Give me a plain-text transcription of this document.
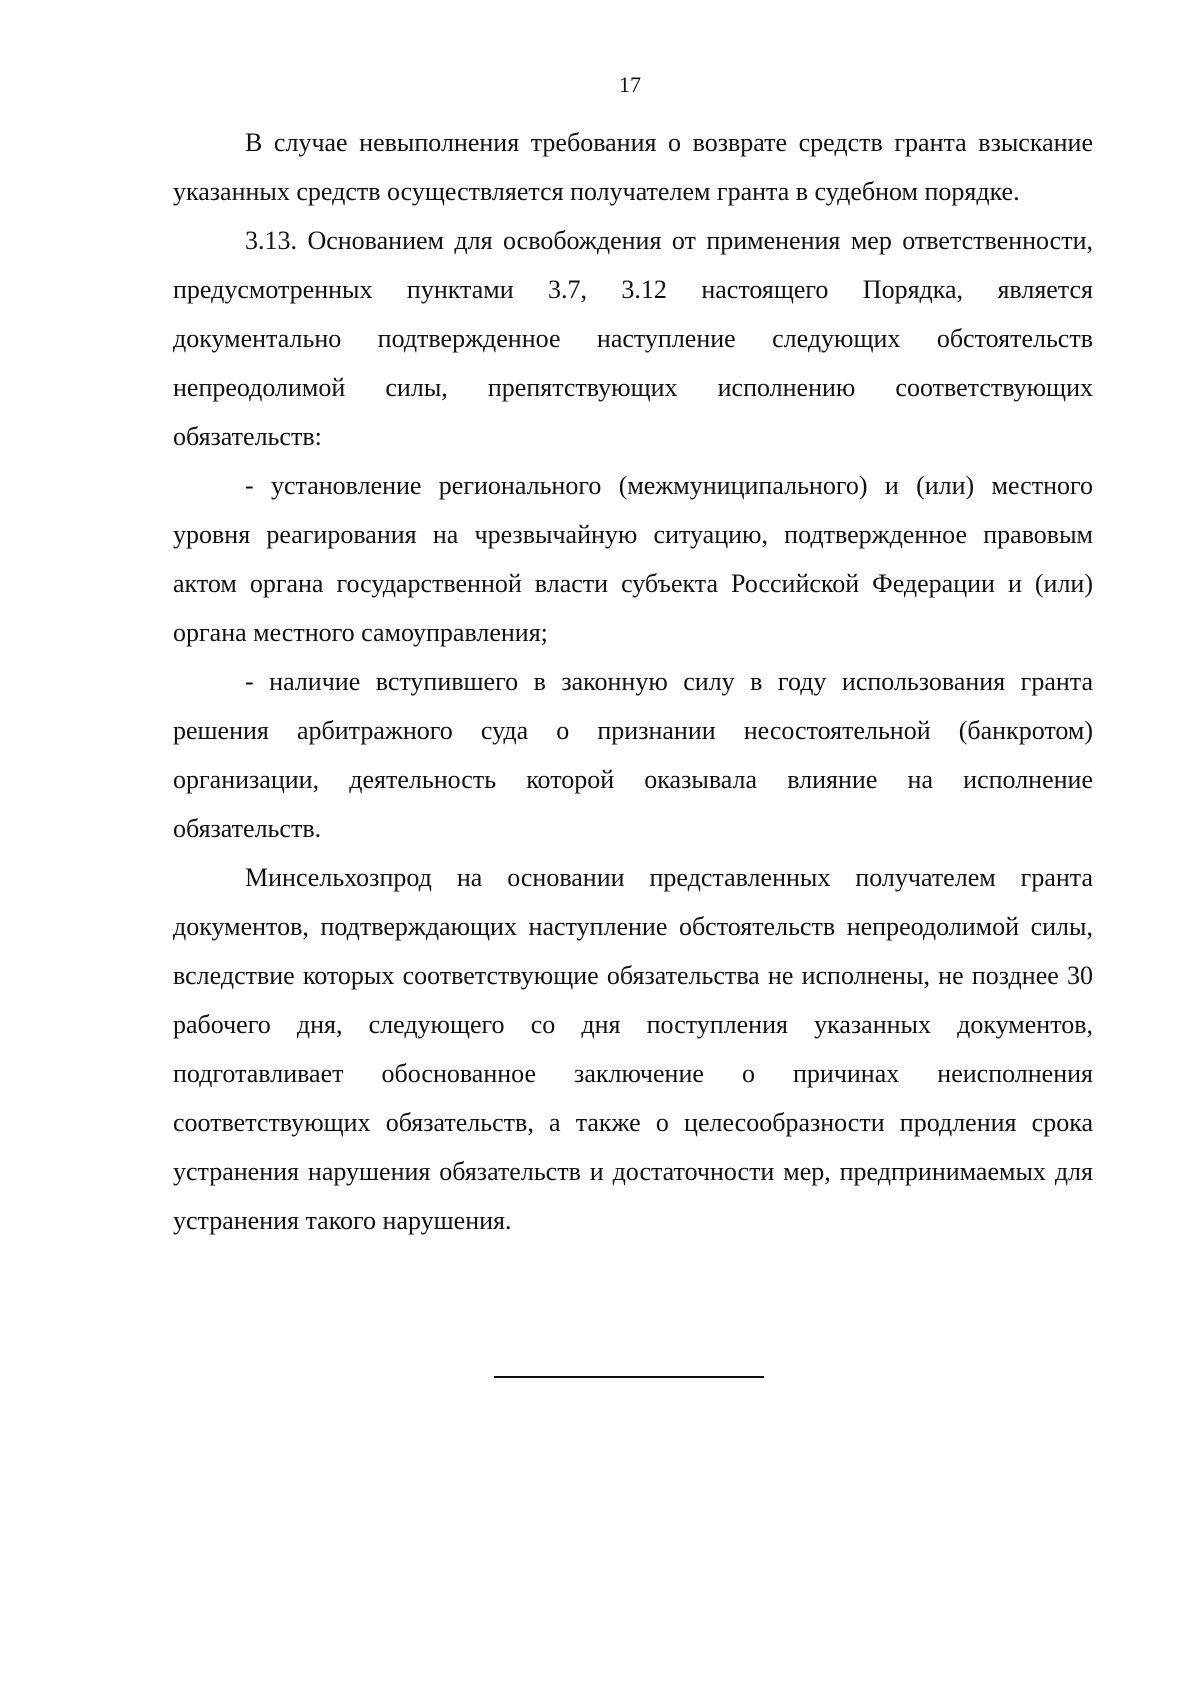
17

В случае невыполнения требования о возврате средств гранта взыскание указанных средств осуществляется получателем гранта в судебном порядке.

3.13. Основанием для освобождения от применения мер ответственности, предусмотренных пунктами 3.7, 3.12 настоящего Порядка, является документально подтвержденное наступление следующих обстоятельств непреодолимой силы, препятствующих исполнению соответствующих обязательств:

- установление регионального (межмуниципального) и (или) местного уровня реагирования на чрезвычайную ситуацию, подтвержденное правовым актом органа государственной власти субъекта Российской Федерации и (или) органа местного самоуправления;

- наличие вступившего в законную силу в году использования гранта решения арбитражного суда о признании несостоятельной (банкротом) организации, деятельность которой оказывала влияние на исполнение обязательств.

Минсельхозпрод на основании представленных получателем гранта документов, подтверждающих наступление обстоятельств непреодолимой силы, вследствие которых соответствующие обязательства не исполнены, не позднее 30 рабочего дня, следующего со дня поступления указанных документов, подготавливает обоснованное заключение о причинах неисполнения соответствующих обязательств, а также о целесообразности продления срока устранения нарушения обязательств и достаточности мер, предпринимаемых для устранения такого нарушения.
